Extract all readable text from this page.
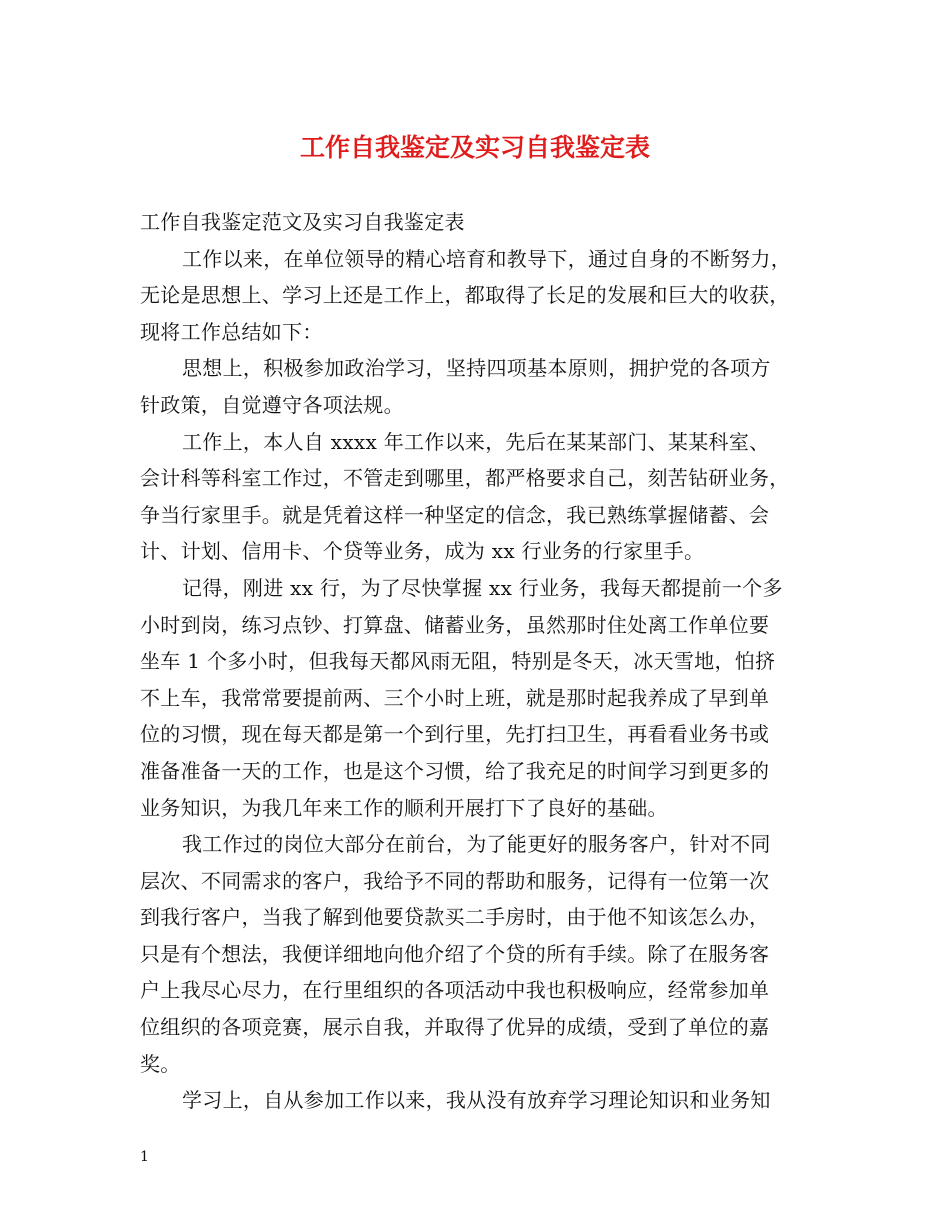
工作自我鉴定及实习自我鉴定表
工作自我鉴定范文及实习自我鉴定表
工作以来，在单位领导的精心培育和教导下，通过自身的不断努力，
无论是思想上、学习上还是工作上，都取得了长足的发展和巨大的收获，
现将工作总结如下：
思想上，积极参加政治学习，坚持四项基本原则，拥护党的各项方
针政策，自觉遵守各项法规。
工作上，本人自 xxxx 年工作以来，先后在某某部门、某某科室、
会计科等科室工作过，不管走到哪里，都严格要求自己，刻苦钻研业务，
争当行家里手。就是凭着这样一种坚定的信念，我已熟练掌握储蓄、会
计、计划、信用卡、个贷等业务，成为 xx 行业务的行家里手。
记得，刚进 xx 行，为了尽快掌握 xx 行业务，我每天都提前一个多
小时到岗，练习点钞、打算盘、储蓄业务，虽然那时住处离工作单位要
坐车 1 个多小时，但我每天都风雨无阻，特别是冬天，冰天雪地，怕挤
不上车，我常常要提前两、三个小时上班，就是那时起我养成了早到单
位的习惯，现在每天都是第一个到行里，先打扫卫生，再看看业务书或
准备准备一天的工作，也是这个习惯，给了我充足的时间学习到更多的
业务知识，为我几年来工作的顺利开展打下了良好的基础。
我工作过的岗位大部分在前台，为了能更好的服务客户，针对不同
层次、不同需求的客户，我给予不同的帮助和服务，记得有一位第一次
到我行客户，当我了解到他要贷款买二手房时，由于他不知该怎么办，
只是有个想法，我便详细地向他介绍了个贷的所有手续。除了在服务客
户上我尽心尽力，在行里组织的各项活动中我也积极响应，经常参加单
位组织的各项竞赛，展示自我，并取得了优异的成绩，受到了单位的嘉
奖。
学习上，自从参加工作以来，我从没有放弃学习理论知识和业务知
1
